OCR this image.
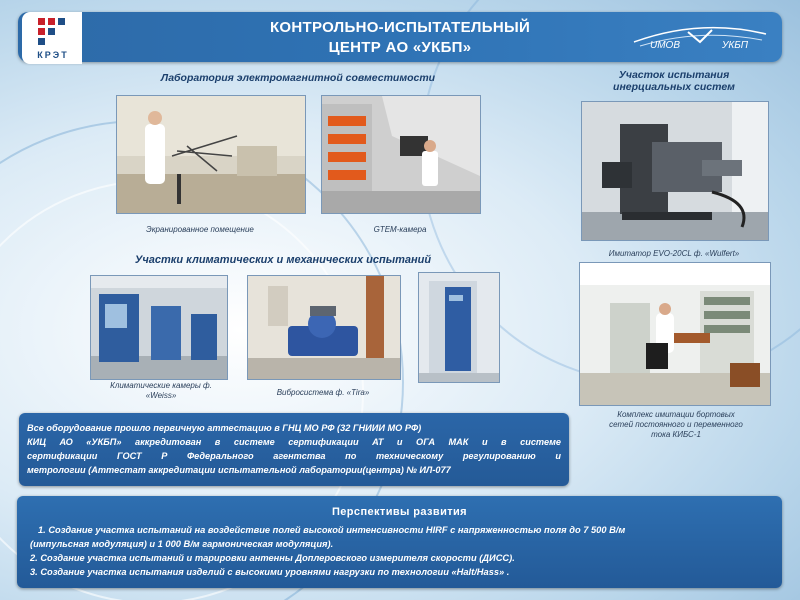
КРЭТ
КОНТРОЛЬНО-ИСПЫТАТЕЛЬНЫЙ
ЦЕНТР АО «УКБП»	UMOB	УКБП
Лаборатория электромагнитной совместимости
Экранированное помещение	GTEM-камера
Участок испытания
инерциальных систем
Имитатор EVO-20CL ф. «Wulfert»
Участки климатических и механических испытаний
Климатические камеры ф.
«Weiss»	Вибросистема ф. «Tira»
Комплекс имитации бортовых
сетей постоянного и переменного
тока КИБС-1

Все оборудование прошло первичную аттестацию в ГНЦ МО РФ (32 ГНИИИ МО РФ)

КИЦ АО «УКБП» аккредитован в системе сертификации АТ и ОГА МАК и в системе

сертификации ГОСТ Р Федерального агентства по техническому регулированию и

метрологии (Аттестат аккредитации испытательной лаборатории(центра) № ИЛ-077

Перспективы развития

1. Создание участка испытаний на воздействие полей высокой интенсивности HIRF с напряженностью поля до 7 500 В/м

(импульсная модуляция) и 1 000 В/м гармоническая модуляция).

2. Создание участка испытаний и тарировки антенны Доплеровского измерителя скорости (ДИСС).

3. Создание участка испытания изделий с высокими уровнями нагрузки по технологии «Halt/Hass» .
